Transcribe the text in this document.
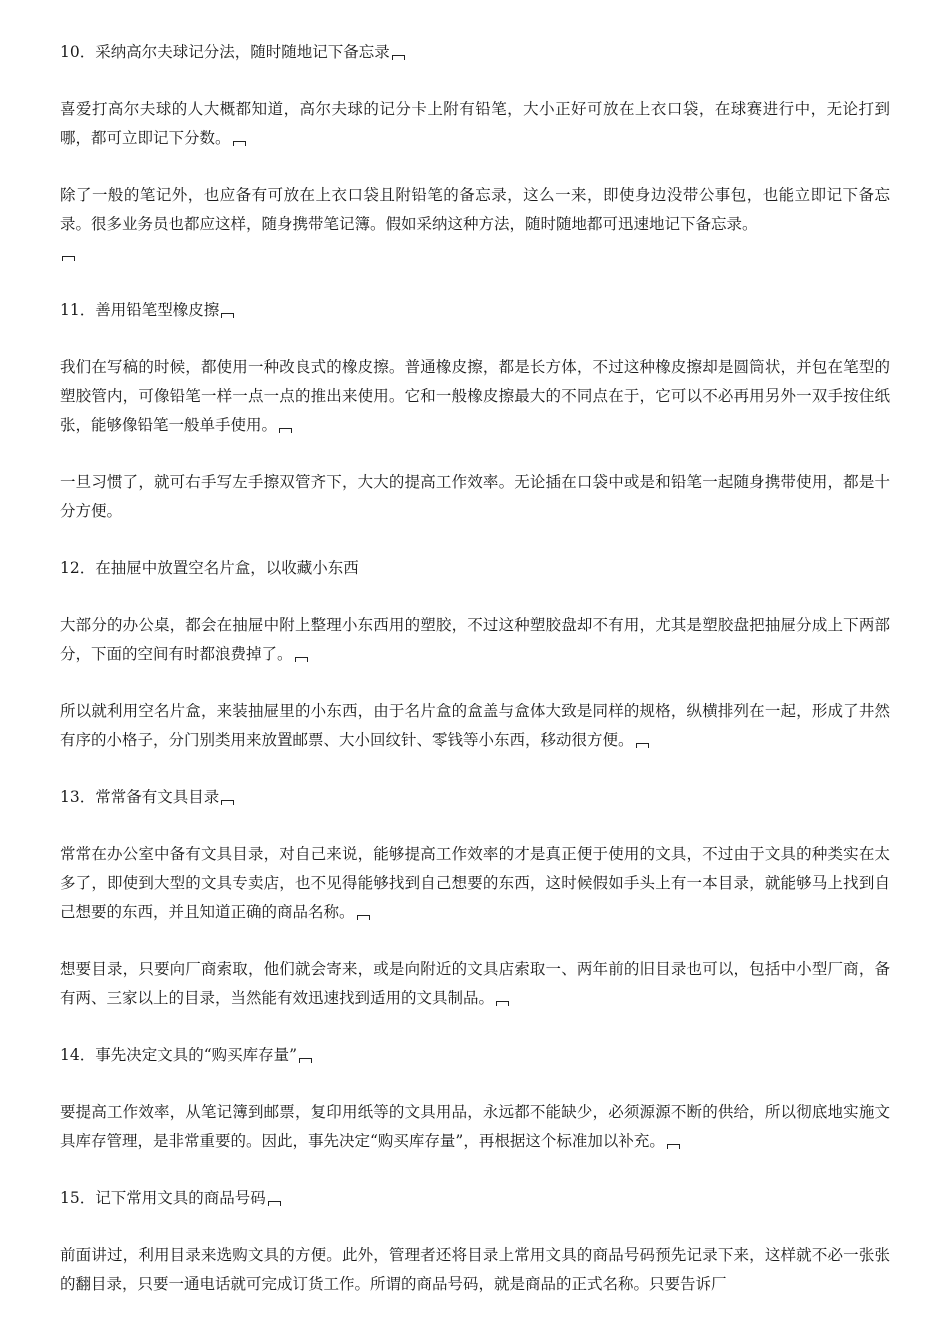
10．采纳高尔夫球记分法，随时随地记下备忘录

喜爱打高尔夫球的人大概都知道，高尔夫球的记分卡上附有铅笔，大小正好可放在上衣口袋，在球赛进行中，无论打到哪，都可立即记下分数。

除了一般的笔记外，也应备有可放在上衣口袋且附铅笔的备忘录，这么一来，即使身边没带公事包，也能立即记下备忘录。很多业务员也都应这样，随身携带笔记簿。假如采纳这种方法，随时随地都可迅速地记下备忘录。

11．善用铅笔型橡皮擦

我们在写稿的时候，都使用一种改良式的橡皮擦。普通橡皮擦，都是长方体，不过这种橡皮擦却是圆筒状，并包在笔型的塑胶管内，可像铅笔一样一点一点的推出来使用。它和一般橡皮擦最大的不同点在于，它可以不必再用另外一双手按住纸张，能够像铅笔一般单手使用。

一旦习惯了，就可右手写左手擦双管齐下，大大的提高工作效率。无论插在口袋中或是和铅笔一起随身携带使用，都是十分方便。

12．在抽屉中放置空名片盒，以收藏小东西

大部分的办公桌，都会在抽屉中附上整理小东西用的塑胶，不过这种塑胶盘却不有用，尤其是塑胶盘把抽屉分成上下两部分，下面的空间有时都浪费掉了。

所以就利用空名片盒，来装抽屉里的小东西，由于名片盒的盒盖与盒体大致是同样的规格，纵横排列在一起，形成了井然有序的小格子，分门别类用来放置邮票、大小回纹针、零钱等小东西，移动很方便。

13．常常备有文具目录

常常在办公室中备有文具目录，对自己来说，能够提高工作效率的才是真正便于使用的文具，不过由于文具的种类实在太多了，即使到大型的文具专卖店，也不见得能够找到自己想要的东西，这时候假如手头上有一本目录，就能够马上找到自己想要的东西，并且知道正确的商品名称。

想要目录，只要向厂商索取，他们就会寄来，或是向附近的文具店索取一、两年前的旧目录也可以，包括中小型厂商，备有两、三家以上的目录，当然能有效迅速找到适用的文具制品。

14．事先决定文具的“购买库存量”

要提高工作效率，从笔记簿到邮票，复印用纸等的文具用品，永远都不能缺少，必须源源不断的供给，所以彻底地实施文具库存管理，是非常重要的。因此，事先决定“购买库存量”，再根据这个标准加以补充。

15．记下常用文具的商品号码

前面讲过，利用目录来选购文具的方便。此外，管理者还将目录上常用文具的商品号码预先记录下来，这样就不必一张张的翻目录，只要一通电话就可完成订货工作。所谓的商品号码，就是商品的正式名称。只要告诉厂
